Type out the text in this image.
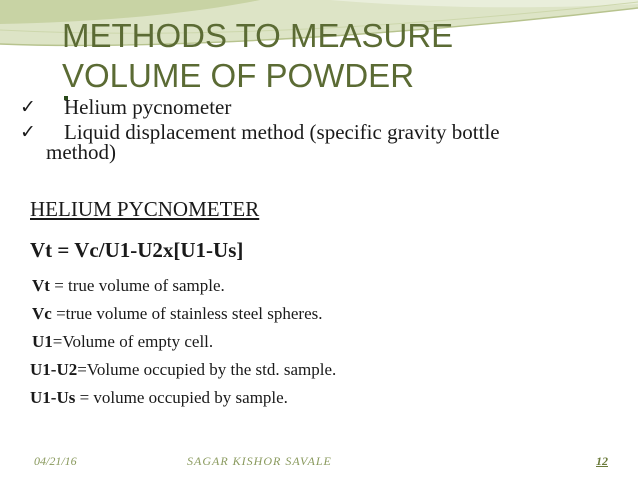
METHODS TO MEASURE
VOLUME OF POWDER
✓ Helium pycnometer
✓ Liquid displacement method (specific gravity bottle
method)
HELIUM PYCNOMETER
Vt = Vc/U1-U2x[U1-Us]
Vt = true volume of sample.
Vc =true volume of stainless steel spheres.
U1=Volume of empty cell.
U1-U2=Volume occupied by the std. sample.
U1-Us = volume occupied by sample.
04/21/16	SAGAR KISHOR SAVALE	12
